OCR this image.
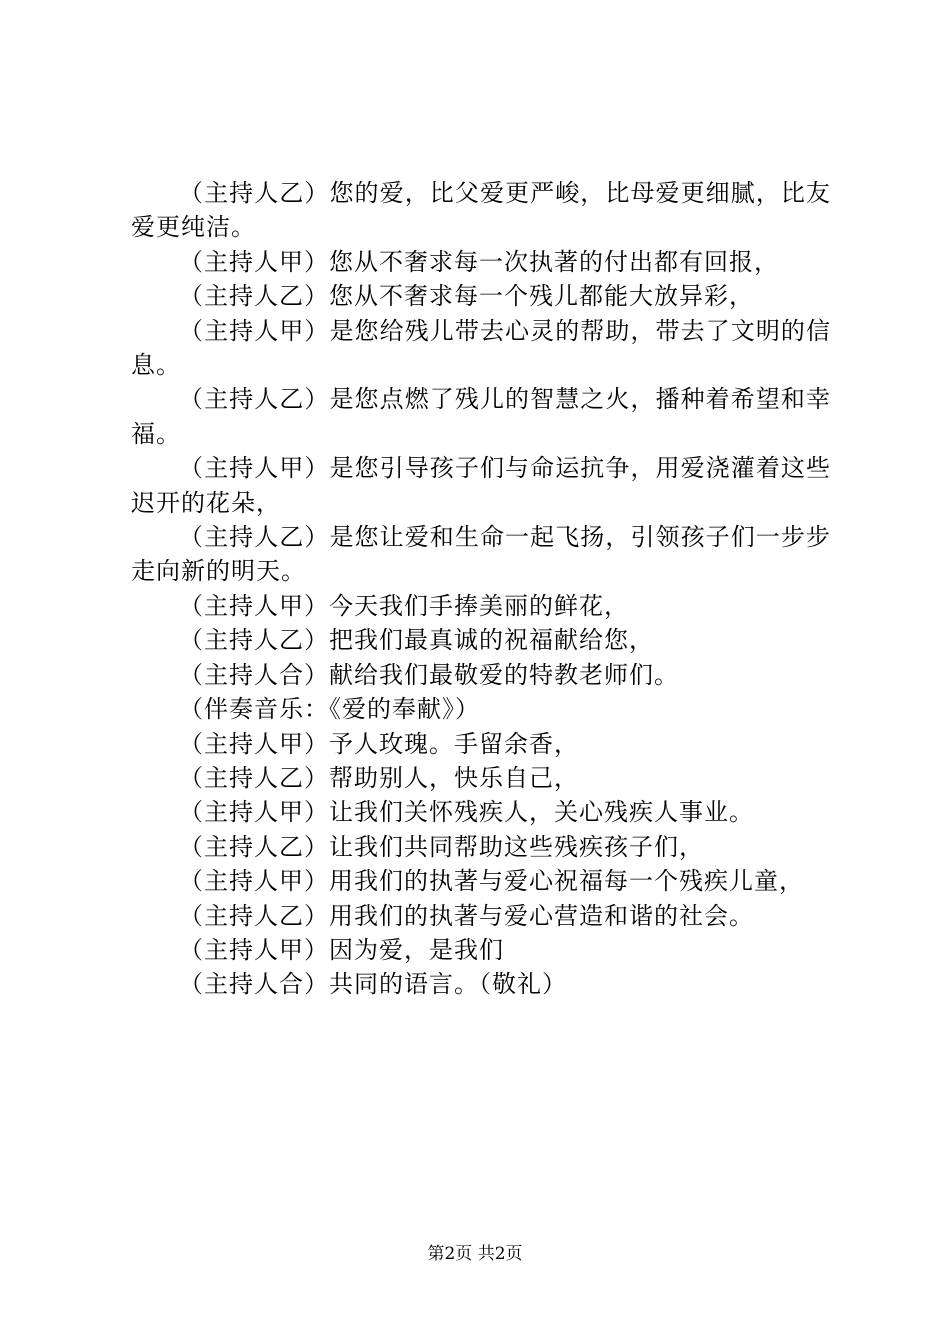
（主持人乙）您的爱，比父爱更严峻，比母爱更细腻，比友爱更纯洁。

（主持人甲）您从不奢求每一次执著的付出都有回报，

（主持人乙）您从不奢求每一个残儿都能大放异彩，

（主持人甲）是您给残儿带去心灵的帮助，带去了文明的信息。

（主持人乙）是您点燃了残儿的智慧之火，播种着希望和幸福。

（主持人甲）是您引导孩子们与命运抗争，用爱浇灌着这些迟开的花朵，

（主持人乙）是您让爱和生命一起飞扬，引领孩子们一步步走向新的明天。

（主持人甲）今天我们手捧美丽的鲜花，

（主持人乙）把我们最真诚的祝福献给您，

（主持人合）献给我们最敬爱的特教老师们。

（伴奏音乐：《爱的奉献》）

（主持人甲）予人玫瑰。手留余香，

（主持人乙）帮助别人，快乐自己，

（主持人甲）让我们关怀残疾人，关心残疾人事业。

（主持人乙）让我们共同帮助这些残疾孩子们，

（主持人甲）用我们的执著与爱心祝福每一个残疾儿童，

（主持人乙）用我们的执著与爱心营造和谐的社会。

（主持人甲）因为爱，是我们

（主持人合）共同的语言。（敬礼）

第2页 共2页
